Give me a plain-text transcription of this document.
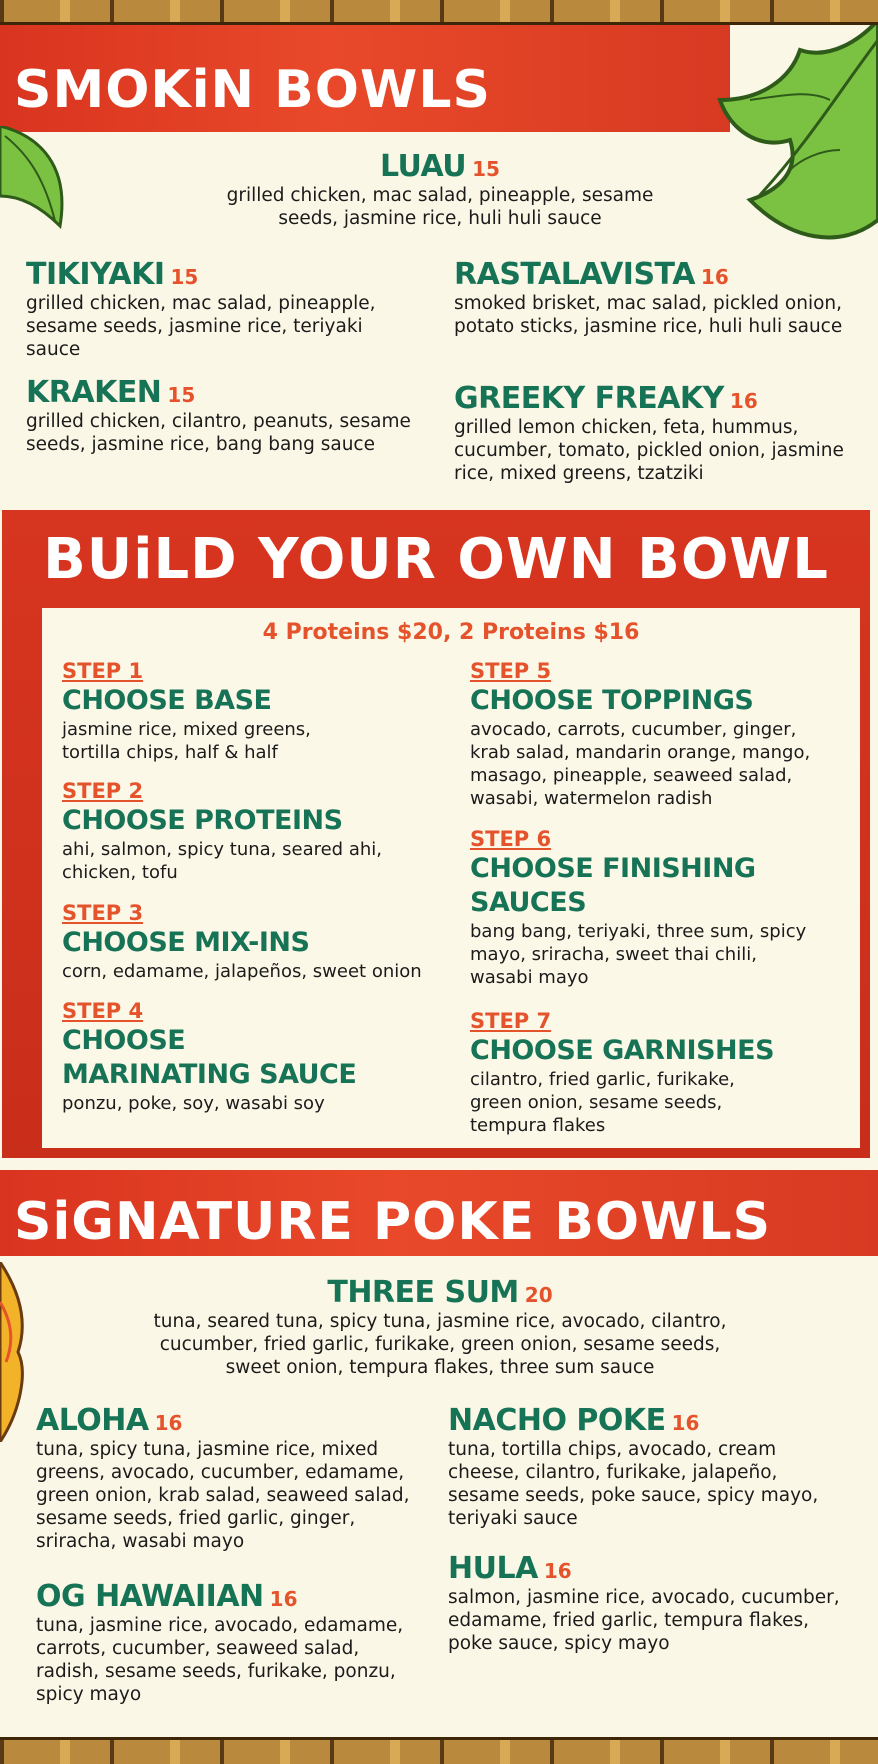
SMOKiN BOWLS
LUAU 15
grilled chicken, mac salad, pineapple, sesame seeds, jasmine rice, huli huli sauce
TIKIYAKI 15
grilled chicken, mac salad, pineapple, sesame seeds, jasmine rice, teriyaki sauce
RASTALAVISTA 16
smoked brisket, mac salad, pickled onion, potato sticks, jasmine rice, huli huli sauce
KRAKEN 15
grilled chicken, cilantro, peanuts, sesame seeds, jasmine rice, bang bang sauce
GREEKY FREAKY 16
grilled lemon chicken, feta, hummus, cucumber, tomato, pickled onion, jasmine rice, mixed greens, tzatziki
BUiLD YOUR OWN BOWL
4 Proteins $20, 2 Proteins $16
STEP 1
CHOOSE BASE
jasmine rice, mixed greens, tortilla chips, half & half
STEP 2
CHOOSE PROTEINS
ahi, salmon, spicy tuna, seared ahi, chicken, tofu
STEP 3
CHOOSE MIX-INS
corn, edamame, jalapeños, sweet onion
STEP 4
CHOOSE MARINATING SAUCE
ponzu, poke, soy, wasabi soy
STEP 5
CHOOSE TOPPINGS
avocado, carrots, cucumber, ginger, krab salad, mandarin orange, mango, masago, pineapple, seaweed salad, wasabi, watermelon radish
STEP 6
CHOOSE FINISHING SAUCES
bang bang, teriyaki, three sum, spicy mayo, sriracha, sweet thai chili, wasabi mayo
STEP 7
CHOOSE GARNISHES
cilantro, fried garlic, furikake, green onion, sesame seeds, tempura flakes
SiGNATURE POKE BOWLS
THREE SUM 20
tuna, seared tuna, spicy tuna, jasmine rice, avocado, cilantro, cucumber, fried garlic, furikake, green onion, sesame seeds, sweet onion, tempura flakes, three sum sauce
ALOHA 16
tuna, spicy tuna, jasmine rice, mixed greens, avocado, cucumber, edamame, green onion, krab salad, seaweed salad, sesame seeds, fried garlic, ginger, sriracha, wasabi mayo
NACHO POKE 16
tuna, tortilla chips, avocado, cream cheese, cilantro, furikake, jalapeño, sesame seeds, poke sauce, spicy mayo, teriyaki sauce
HULA 16
salmon, jasmine rice, avocado, cucumber, edamame, fried garlic, tempura flakes, poke sauce, spicy mayo
OG HAWAIIAN 16
tuna, jasmine rice, avocado, edamame, carrots, cucumber, seaweed salad, radish, sesame seeds, furikake, ponzu, spicy mayo
